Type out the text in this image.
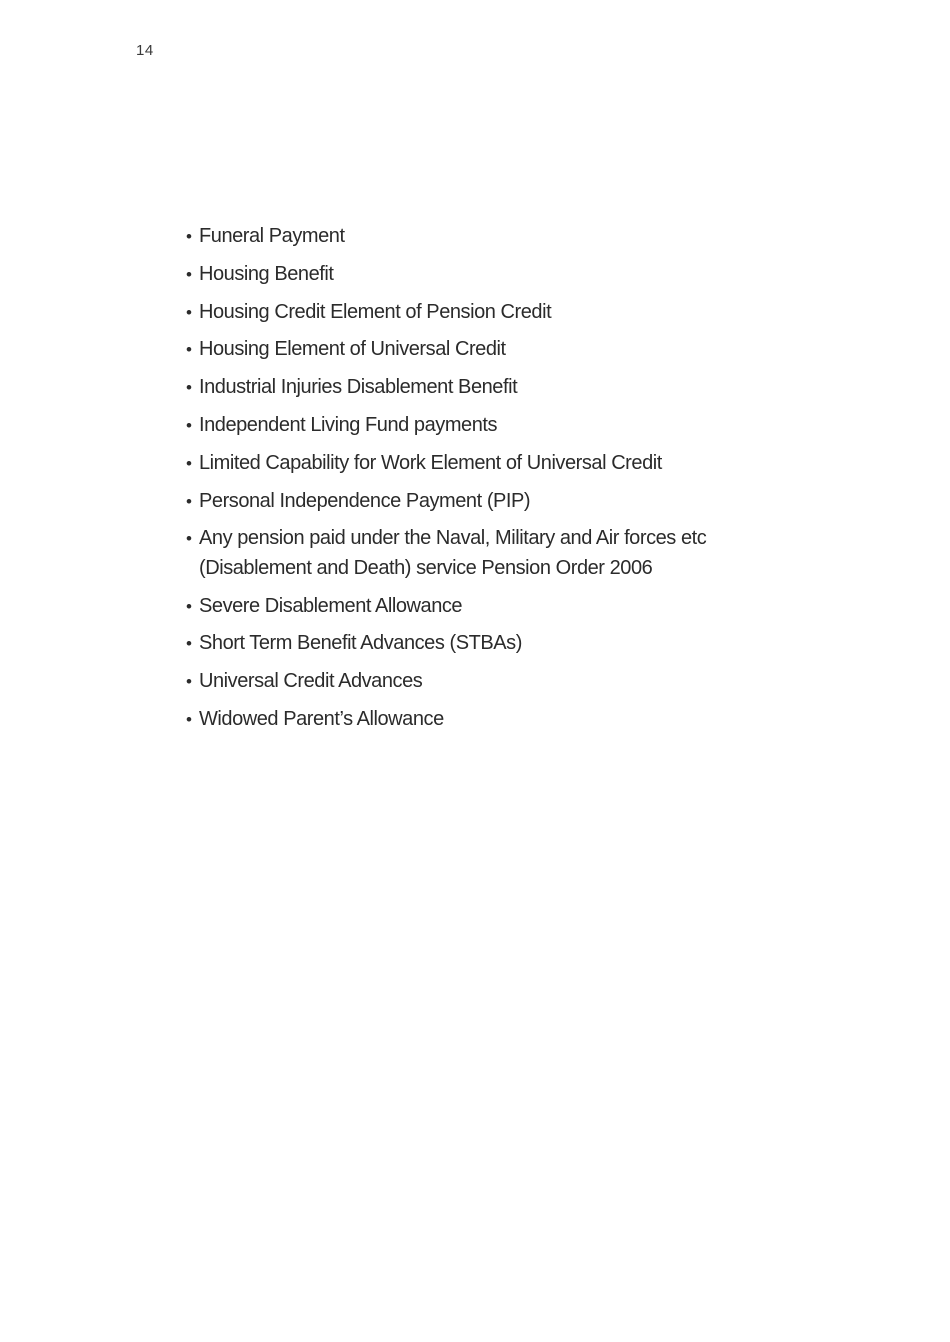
14
• Funeral Payment
• Housing Benefit
• Housing Credit Element of Pension Credit
• Housing Element of Universal Credit
• Industrial Injuries Disablement Benefit
• Independent Living Fund payments
• Limited Capability for Work Element of Universal Credit
• Personal Independence Payment (PIP)
• Any pension paid under the Naval, Military and Air forces etc
(Disablement and Death) service Pension Order 2006
• Severe Disablement Allowance
• Short Term Benefit Advances (STBAs)
• Universal Credit Advances
• Widowed Parent’s Allowance
